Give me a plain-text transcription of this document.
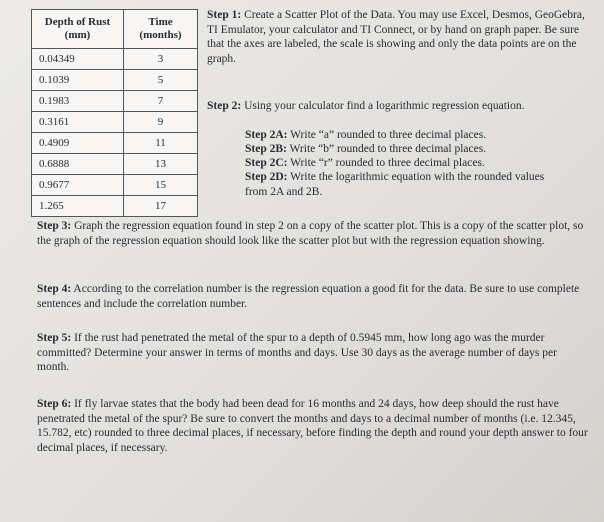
Depth of Rust
(mm)	Time
(months)
0.04349	3
0.1039	5
0.1983	7
0.3161	9
0.4909	11
0.6888	13
0.9677	15
1.265	17
Step 1: Create a Scatter Plot of the Data. You may use Excel, Desmos, GeoGebra, TI Emulator, your calculator and TI Connect, or by hand on graph paper. Be sure that the axes are labeled, the scale is showing and only the data points are on the graph.
Step 2: Using your calculator find a logarithmic regression equation.
Step 2A: Write “a” rounded to three decimal places.
Step 2B: Write “b” rounded to three decimal places.
Step 2C: Write “r” rounded to three decimal places.
Step 2D: Write the logarithmic equation with the rounded values from 2A and 2B.
Step 3: Graph the regression equation found in step 2 on a copy of the scatter plot. This is a copy of the scatter plot, so the graph of the regression equation should look like the scatter plot but with the regression equation showing.
Step 4: According to the correlation number is the regression equation a good fit for the data. Be sure to use complete sentences and include the correlation number.
Step 5: If the rust had penetrated the metal of the spur to a depth of 0.5945 mm, how long ago was the murder committed? Determine your answer in terms of months and days. Use 30 days as the average number of days per month.
Step 6: If fly larvae states that the body had been dead for 16 months and 24 days, how deep should the rust have penetrated the metal of the spur? Be sure to convert the months and days to a decimal number of months (i.e. 12.345, 15.782, etc) rounded to three decimal places, if necessary, before finding the depth and round your depth answer to four decimal places, if necessary.
